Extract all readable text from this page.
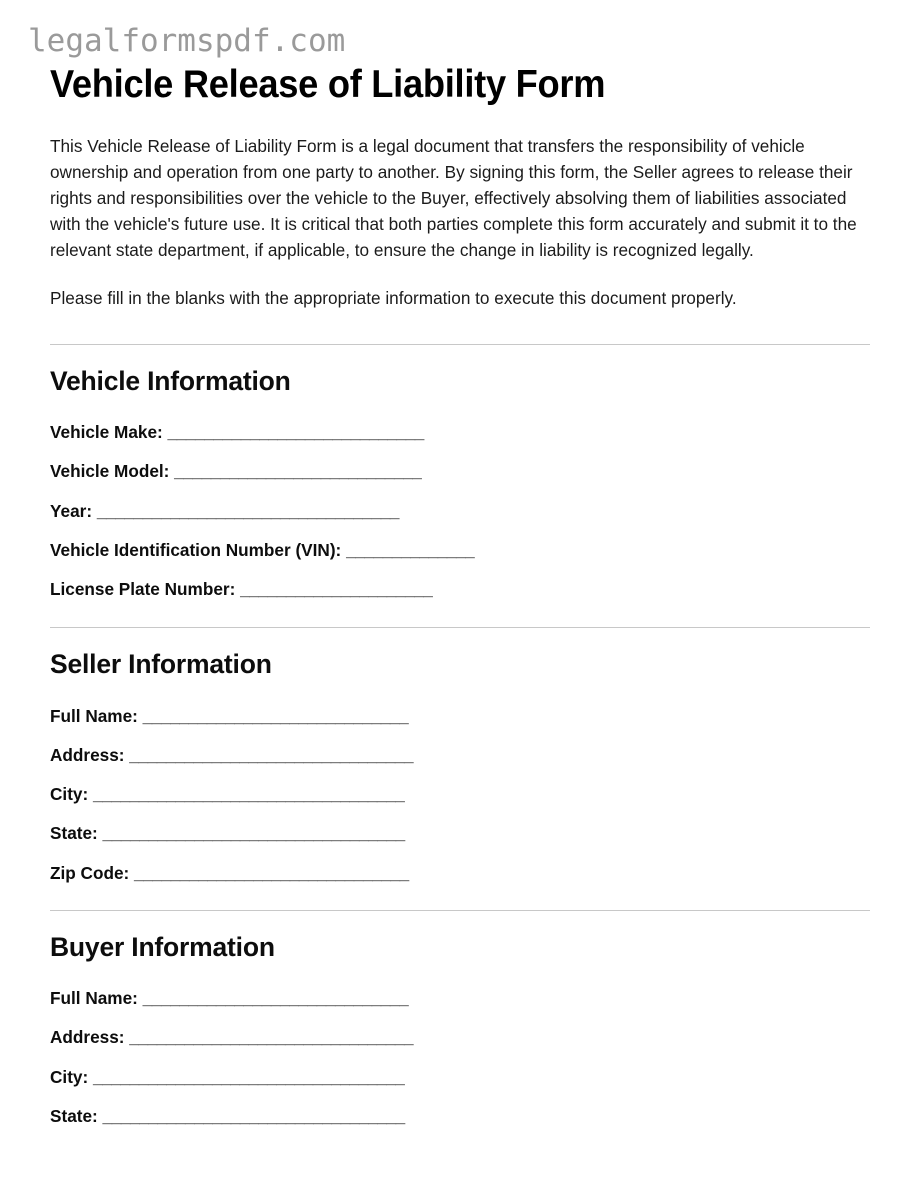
legalformspdf.com
Vehicle Release of Liability Form

This Vehicle Release of Liability Form is a legal document that transfers the responsibility of vehicle ownership and operation from one party to another. By signing this form, the Seller agrees to release their rights and responsibilities over the vehicle to the Buyer, effectively absolving them of liabilities associated with the vehicle's future use. It is critical that both parties complete this form accurately and submit it to the relevant state department, if applicable, to ensure the change in liability is recognized legally.

Please fill in the blanks with the appropriate information to execute this document properly.

Vehicle Information
Vehicle Make: ____________________________
Vehicle Model: ___________________________
Year: _________________________________
Vehicle Identification Number (VIN): ______________
License Plate Number: _____________________
Seller Information
Full Name: _____________________________
Address: _______________________________
City: __________________________________
State: _________________________________
Zip Code: ______________________________
Buyer Information
Full Name: _____________________________
Address: _______________________________
City: __________________________________
State: _________________________________
